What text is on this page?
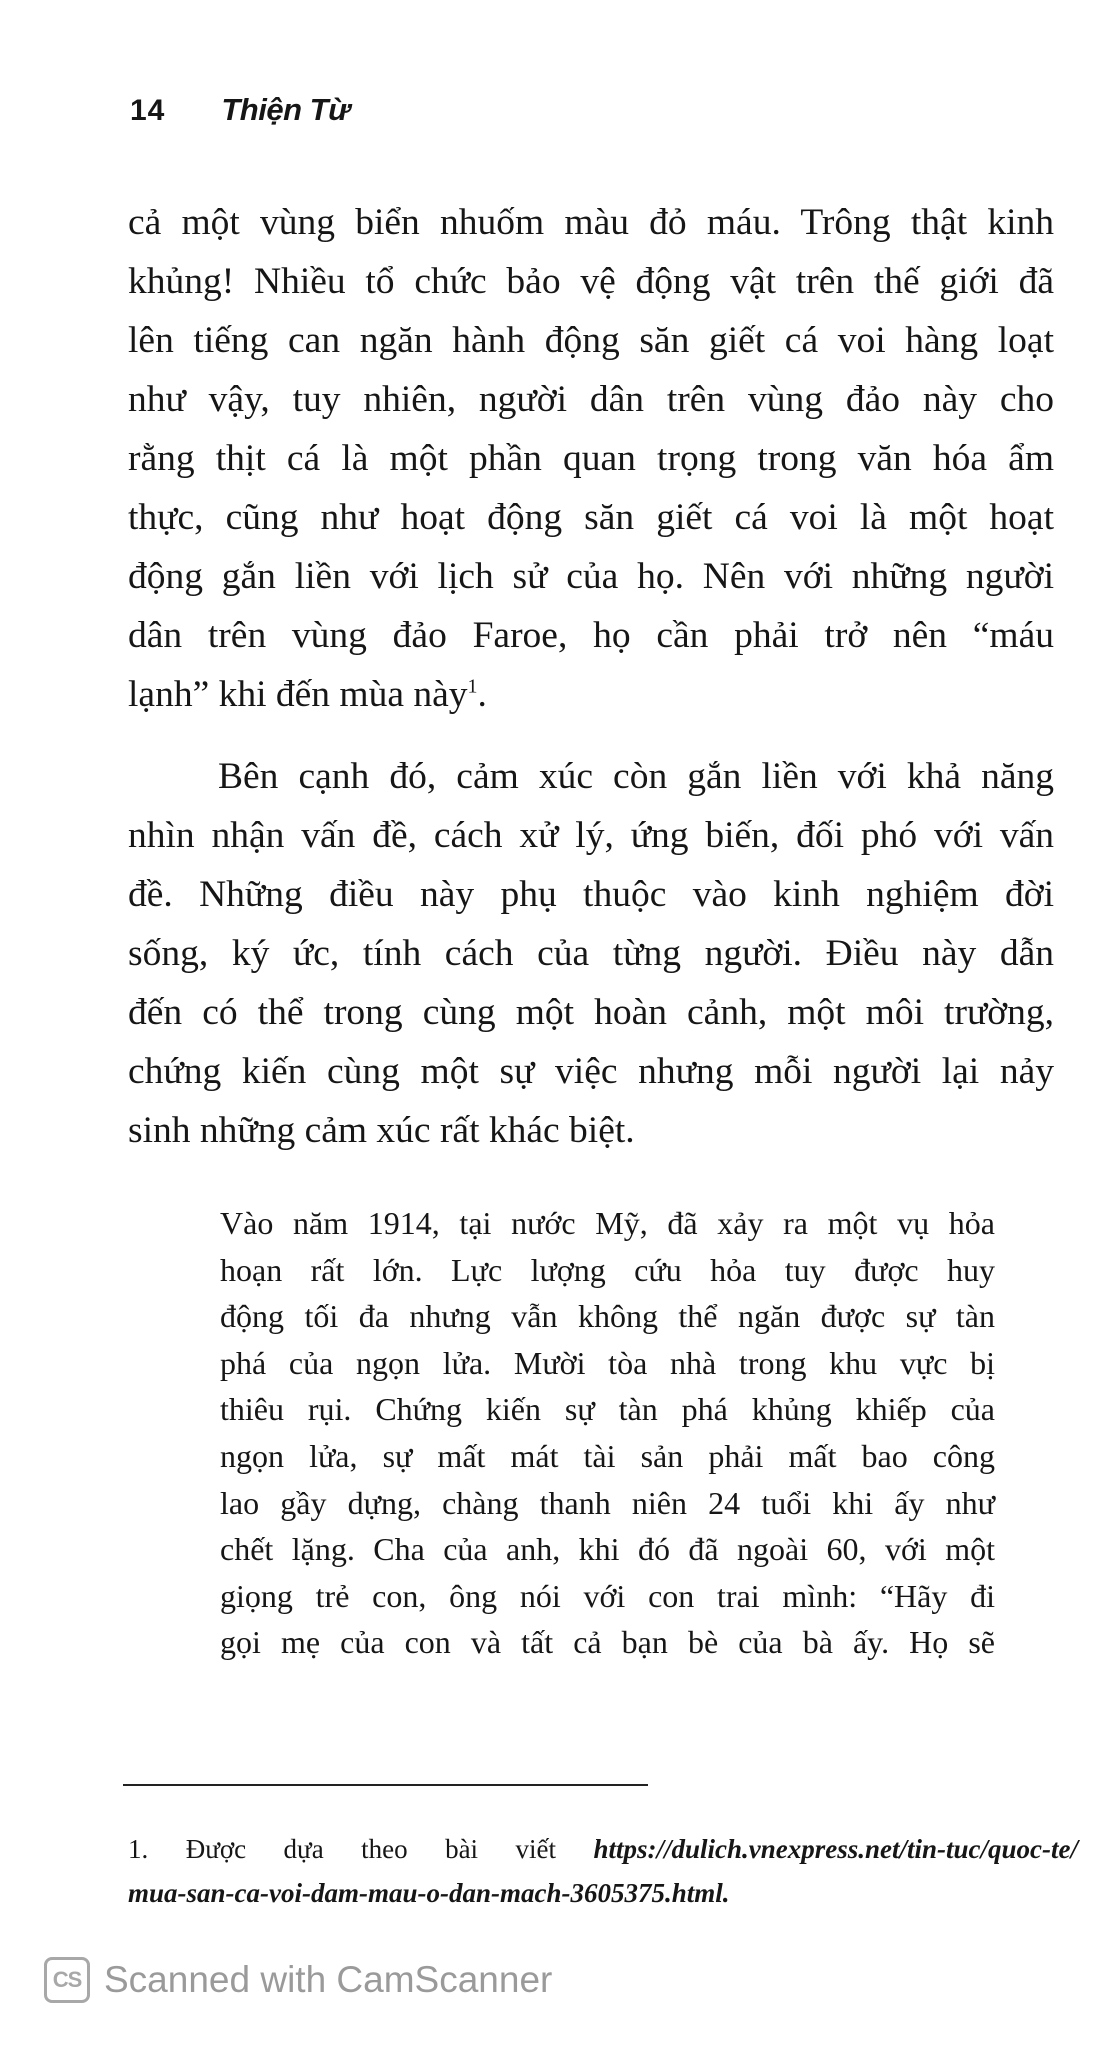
14 Thiện Từ

cả một vùng biển nhuốm màu đỏ máu. Trông thật kinh
khủng! Nhiều tổ chức bảo vệ động vật trên thế giới đã
lên tiếng can ngăn hành động săn giết cá voi hàng loạt
như vậy, tuy nhiên, người dân trên vùng đảo này cho
rằng thịt cá là một phần quan trọng trong văn hóa ẩm
thực, cũng như hoạt động săn giết cá voi là một hoạt
động gắn liền với lịch sử của họ. Nên với những người
dân trên vùng đảo Faroe, họ cần phải trở nên “máu
lạnh” khi đến mùa này$^1$.

Bên cạnh đó, cảm xúc còn gắn liền với khả năng
nhìn nhận vấn đề, cách xử lý, ứng biến, đối phó với vấn
đề. Những điều này phụ thuộc vào kinh nghiệm đời
sống, ký ức, tính cách của từng người. Điều này dẫn
đến có thể trong cùng một hoàn cảnh, một môi trường,
chứng kiến cùng một sự việc nhưng mỗi người lại nảy
sinh những cảm xúc rất khác biệt.

Vào năm 1914, tại nước Mỹ, đã xảy ra một vụ hỏa
hoạn rất lớn. Lực lượng cứu hỏa tuy được huy
động tối đa nhưng vẫn không thể ngăn được sự tàn
phá của ngọn lửa. Mười tòa nhà trong khu vực bị
thiêu rụi. Chứng kiến sự tàn phá khủng khiếp của
ngọn lửa, sự mất mát tài sản phải mất bao công
lao gầy dựng, chàng thanh niên 24 tuổi khi ấy như
chết lặng. Cha của anh, khi đó đã ngoài 60, với một
giọng trẻ con, ông nói với con trai mình: “Hãy đi
gọi mẹ của con và tất cả bạn bè của bà ấy. Họ sẽ

1. Được dựa theo bài viết https://dulich.vnexpress.net/tin-tuc/quoc-te/
mua-san-ca-voi-dam-mau-o-dan-mach-3605375.html.

CS Scanned with CamScanner
